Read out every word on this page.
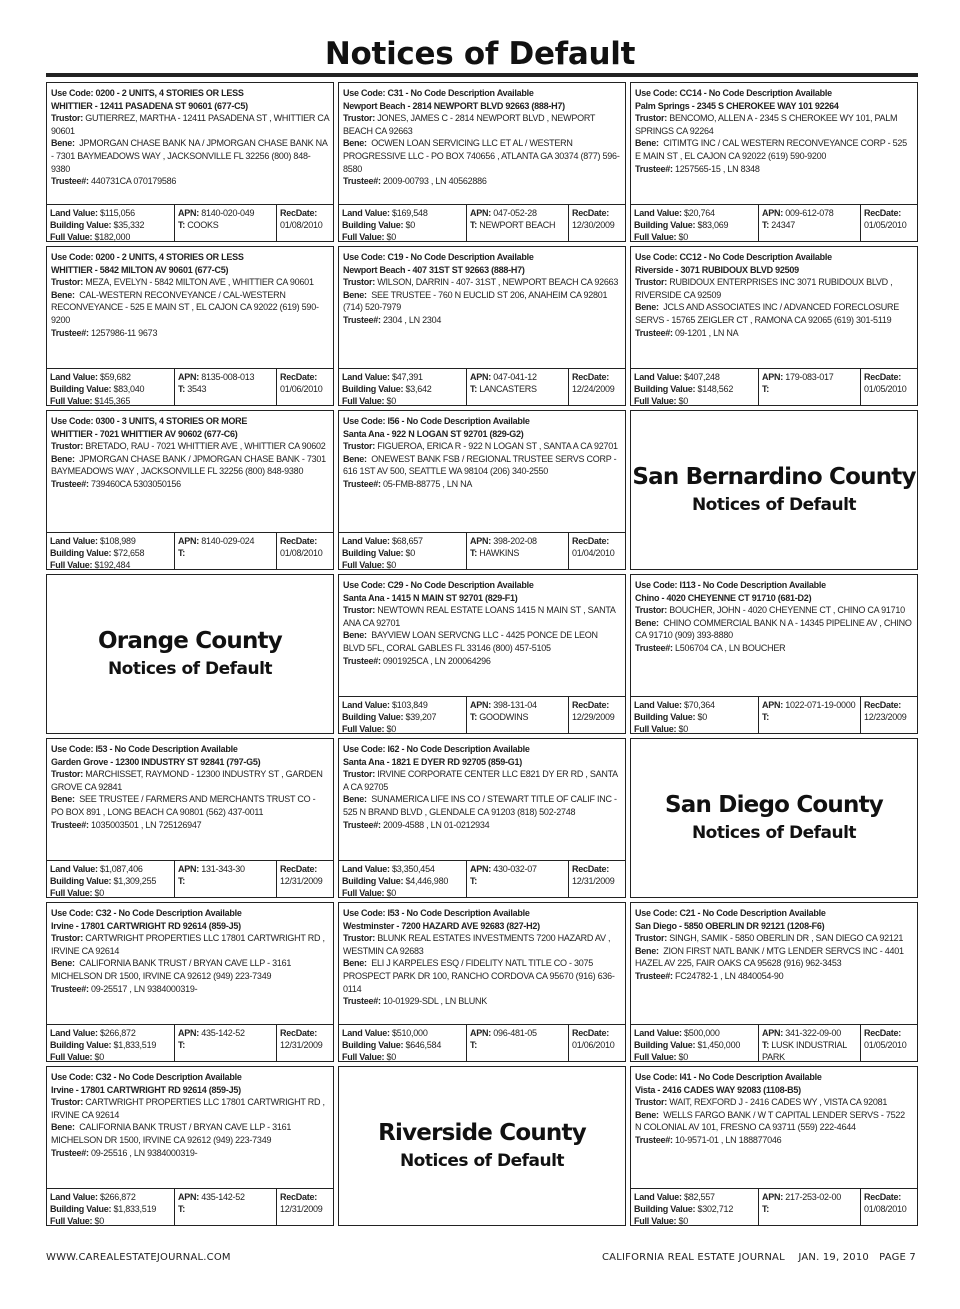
Notices of Default
Use Code: 0200 - 2 UNITS, 4 STORIES OR LESS
WHITTIER - 12411 PASADENA ST 90601 (677-C5)
Trustor: GUTIERREZ, MARTHA - 12411 PASADENA ST , WHITTIER CA 90601
Bene: JPMORGAN CHASE BANK NA / JPMORGAN CHASE BANK NA - 7301 BAYMEADOWS WAY , JACKSONVILLE FL 32256 (800) 848-9380
Trustee#: 440731CA 070179586
Land Value: $115,056
Building Value: $35,332
Full Value: $182,000
APN: 8140-020-049
T: COOKS
RecDate:
01/08/2010
Use Code: C31 - No Code Description Available
Newport Beach - 2814 NEWPORT BLVD 92663 (888-H7)
Trustor: JONES, JAMES C - 2814 NEWPORT BLVD , NEWPORT BEACH CA 92663
Bene: OCWEN LOAN SERVICING LLC ET AL / WESTERN PROGRESSIVE LLC - PO BOX 740656 , ATLANTA GA 30374 (877) 596-8580
Trustee#: 2009-00793 , LN 40562886
Land Value: $169,548
Building Value: $0
Full Value: $0
APN: 047-052-28
T: NEWPORT BEACH
RecDate:
12/30/2009
Use Code: CC14 - No Code Description Available
Palm Springs - 2345 S CHEROKEE WAY 101 92264
Trustor: BENCOMO, ALLEN A - 2345 S CHEROKEE WY 101, PALM SPRINGS CA 92264
Bene: CITIMTG INC / CAL WESTERN RECONVEYANCE CORP - 525 E MAIN ST , EL CAJON CA 92022 (619) 590-9200
Trustee#: 1257565-15 , LN 8348
Land Value: $20,764
Building Value: $83,069
Full Value: $0
APN: 009-612-078
T: 24347
RecDate:
01/05/2010
Use Code: 0200 - 2 UNITS, 4 STORIES OR LESS
WHITTIER - 5842 MILTON AV 90601 (677-C5)
Trustor: MEZA, EVELYN - 5842 MILTON AVE , WHITTIER CA 90601
Bene: CAL-WESTERN RECONVEYANCE / CAL-WESTERN RECONVEYANCE - 525 E MAIN ST , EL CAJON CA 92022 (619) 590-9200
Trustee#: 1257986-11 9673
Land Value: $59,682
Building Value: $83,040
Full Value: $145,365
APN: 8135-008-013
T: 3543
RecDate:
01/06/2010
Use Code: C19 - No Code Description Available
Newport Beach - 407 31ST ST 92663 (888-H7)
Trustor: WILSON, DARRIN - 407- 31ST , NEWPORT BEACH CA 92663
Bene: SEE TRUSTEE - 760 N EUCLID ST 206, ANAHEIM CA 92801 (714) 520-7979
Trustee#: 2304 , LN 2304
Land Value: $47,391
Building Value: $3,642
Full Value: $0
APN: 047-041-12
T: LANCASTERS
RecDate:
12/24/2009
Use Code: CC12 - No Code Description Available
Riverside - 3071 RUBIDOUX BLVD 92509
Trustor: RUBIDOUX ENTERPRISES INC 3071 RUBIDOUX BLVD , RIVERSIDE CA 92509
Bene: JCLS AND ASSOCIATES INC / ADVANCED FORECLOSURE SERVS - 15765 ZEIGLER CT , RAMONA CA 92065 (619) 301-5119
Trustee#: 09-1201 , LN NA
Land Value: $407,248
Building Value: $148,562
Full Value: $0
APN: 179-083-017
T:
RecDate:
01/05/2010
Use Code: 0300 - 3 UNITS, 4 STORIES OR MORE
WHITTIER - 7021 WHITTIER AV 90602 (677-C6)
Trustor: BRETADO, RAU - 7021 WHITTIER AVE , WHITTIER CA 90602
Bene: JPMORGAN CHASE BANK / JPMORGAN CHASE BANK - 7301 BAYMEADOWS WAY , JACKSONVILLE FL 32256 (800) 848-9380
Trustee#: 739460CA 5303050156
Land Value: $108,989
Building Value: $72,658
Full Value: $192,484
APN: 8140-029-024
T:
RecDate:
01/08/2010
Use Code: I56 - No Code Description Available
Santa Ana - 922 N LOGAN ST 92701 (829-G2)
Trustor: FIGUEROA, ERICA R - 922 N LOGAN ST , SANTA A CA 92701
Bene: ONEWEST BANK FSB / REGIONAL TRUSTEE SERVS CORP - 616 1ST AV 500, SEATTLE WA 98104 (206) 340-2550
Trustee#: 05-FMB-88775 , LN NA
Land Value: $68,657
Building Value: $0
Full Value: $0
APN: 398-202-08
T: HAWKINS
RecDate:
01/04/2010
San Bernardino County
Notices of Default
Orange County
Notices of Default
Use Code: C29 - No Code Description Available
Santa Ana - 1415 N MAIN ST 92701 (829-F1)
Trustor: NEWTOWN REAL ESTATE LOANS 1415 N MAIN ST , SANTA ANA CA 92701
Bene: BAYVIEW LOAN SERVCNG LLC - 4425 PONCE DE LEON BLVD 5FL, CORAL GABLES FL 33146 (800) 457-5105
Trustee#: 0901925CA , LN 200064296
Land Value: $103,849
Building Value: $39,207
Full Value: $0
APN: 398-131-04
T: GOODWINS
RecDate:
12/29/2009
Use Code: I113 - No Code Description Available
Chino - 4020 CHEYENNE CT 91710 (681-D2)
Trustor: BOUCHER, JOHN - 4020 CHEYENNE CT , CHINO CA 91710
Bene: CHINO COMMERCIAL BANK N A - 14345 PIPELINE AV , CHINO CA 91710 (909) 393-8880
Trustee#: L506704 CA , LN BOUCHER
Land Value: $70,364
Building Value: $0
Full Value: $0
APN: 1022-071-19-0000
T:
RecDate:
12/23/2009
Use Code: I53 - No Code Description Available
Garden Grove - 12300 INDUSTRY ST 92841 (797-G5)
Trustor: MARCHISSET, RAYMOND - 12300 INDUSTRY ST , GARDEN GROVE CA 92841
Bene: SEE TRUSTEE / FARMERS AND MERCHANTS TRUST CO - PO BOX 891 , LONG BEACH CA 90801 (562) 437-0011
Trustee#: 1035003501 , LN 725126947
Land Value: $1,087,406
Building Value: $1,309,255
Full Value: $0
APN: 131-343-30
T:
RecDate:
12/31/2009
Use Code: I62 - No Code Description Available
Santa Ana - 1821 E DYER RD 92705 (859-G1)
Trustor: IRVINE CORPORATE CENTER LLC E821 DY ER RD , SANTA A CA 92705
Bene: SUNAMERICA LIFE INS CO / STEWART TITLE OF CALIF INC - 525 N BRAND BLVD , GLENDALE CA 91203 (818) 502-2748
Trustee#: 2009-4588 , LN 01-0212934
Land Value: $3,350,454
Building Value: $4,446,980
Full Value: $0
APN: 430-032-07
T:
RecDate:
12/31/2009
San Diego County
Notices of Default
Use Code: C32 - No Code Description Available
Irvine - 17801 CARTWRIGHT RD 92614 (859-J5)
Trustor: CARTWRIGHT PROPERTIES LLC 17801 CARTWRIGHT RD , IRVINE CA 92614
Bene: CALIFORNIA BANK TRUST / BRYAN CAVE LLP - 3161 MICHELSON DR 1500, IRVINE CA 92612 (949) 223-7349
Trustee#: 09-25517 , LN 9384000319-
Land Value: $266,872
Building Value: $1,833,519
Full Value: $0
APN: 435-142-52
T:
RecDate:
12/31/2009
Use Code: I53 - No Code Description Available
Westminster - 7200 HAZARD AVE 92683 (827-H2)
Trustor: BLUNK REAL ESTATES INVESTMENTS 7200 HAZARD AV , WESTMIN CA 92683
Bene: ELI J KARPELES ESQ / FIDELITY NATL TITLE CO - 3075 PROSPECT PARK DR 100, RANCHO CORDOVA CA 95670 (916) 636-0114
Trustee#: 10-01929-SDL , LN BLUNK
Land Value: $510,000
Building Value: $646,584
Full Value: $0
APN: 096-481-05
T:
RecDate:
01/06/2010
Use Code: C21 - No Code Description Available
San Diego - 5850 OBERLIN DR 92121 (1208-F6)
Trustor: SINGH, SAMIK - 5850 OBERLIN DR , SAN DIEGO CA 92121
Bene: ZION FIRST NATL BANK / MTG LENDER SERVCS INC - 4401 HAZEL AV 225, FAIR OAKS CA 95628 (916) 962-3453
Trustee#: FC24782-1 , LN 4840054-90
Land Value: $500,000
Building Value: $1,450,000
Full Value: $0
APN: 341-322-09-00
T: LUSK INDUSTRIAL PARK
RecDate:
01/05/2010
Use Code: C32 - No Code Description Available
Irvine - 17801 CARTWRIGHT RD 92614 (859-J5)
Trustor: CARTWRIGHT PROPERTIES LLC 17801 CARTWRIGHT RD , IRVINE CA 92614
Bene: CALIFORNIA BANK TRUST / BRYAN CAVE LLP - 3161 MICHELSON DR 1500, IRVINE CA 92612 (949) 223-7349
Trustee#: 09-25516 , LN 9384000319-
Land Value: $266,872
Building Value: $1,833,519
Full Value: $0
APN: 435-142-52
T:
RecDate:
12/31/2009
Riverside County
Notices of Default
Use Code: I41 - No Code Description Available
Vista - 2416 CADES WAY 92083 (1108-B5)
Trustor: WAIT, REXFORD J - 2416 CADES WY , VISTA CA 92081
Bene: WELLS FARGO BANK / W T CAPITAL LENDER SERVS - 7522 N COLONIAL AV 101, FRESNO CA 93711 (559) 222-4644
Trustee#: 10-9571-01 , LN 188877046
Land Value: $82,557
Building Value: $302,712
Full Value: $0
APN: 217-253-02-00
T:
RecDate:
01/08/2010
WWW.CAREALESTATEJOURNAL.COM	CALIFORNIA REAL ESTATE JOURNAL JAN. 19, 2010 PAGE 7
